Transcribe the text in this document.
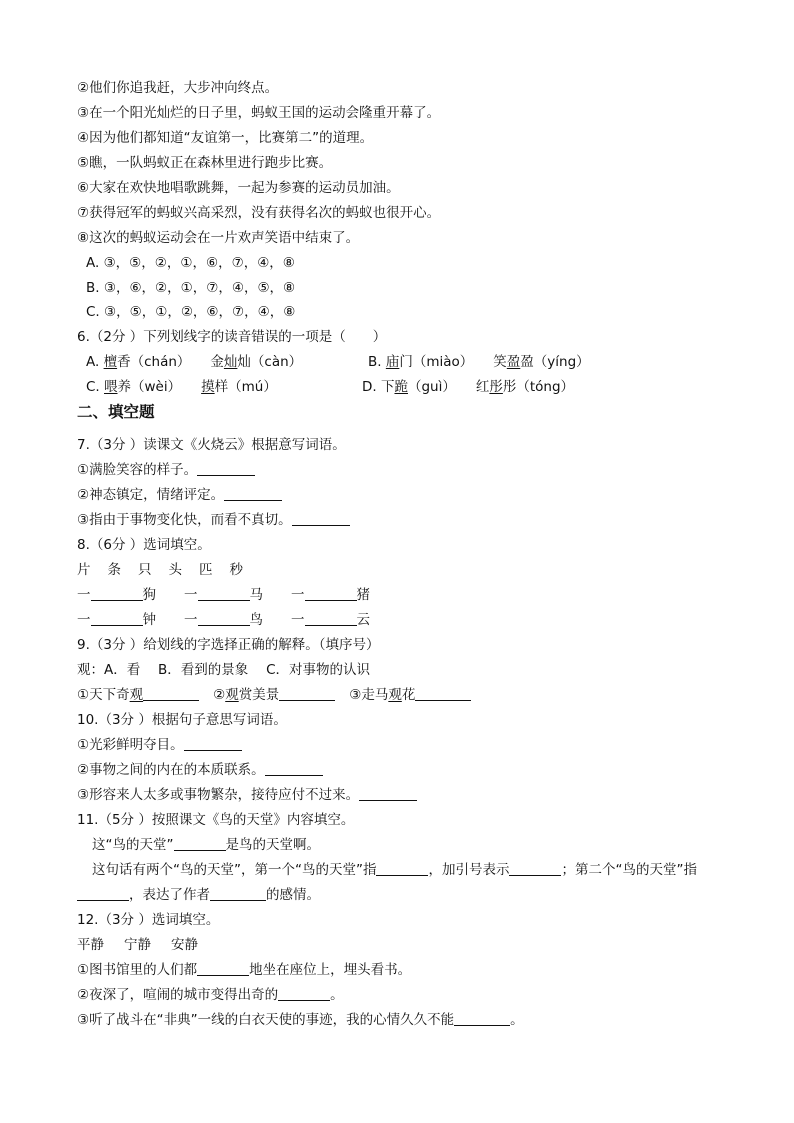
②他们你追我赶，大步冲向终点。
③在一个阳光灿烂的日子里，蚂蚁王国的运动会隆重开幕了。
④因为他们都知道“友谊第一，比赛第二”的道理。
⑤瞧，一队蚂蚁正在森林里进行跑步比赛。
⑥大家在欢快地唱歌跳舞，一起为参赛的运动员加油。
⑦获得冠军的蚂蚁兴高采烈，没有获得名次的蚂蚁也很开心。
⑧这次的蚂蚁运动会在一片欢声笑语中结束了。
A. ③，⑤，②，①，⑥，⑦，④，⑧
B. ③，⑥，②，①，⑦，④，⑤，⑧
C. ③，⑤，①，②，⑥，⑦，④，⑧
6.（2分 ）下列划线字的读音错误的一项是（　　）
A. 檀香（chán） 金灿灿（càn）	B. 庙门（miào） 笑盈盈（yíng）
C. 喂养（wèi） 摸样（mú）	D. 下跪（guì） 红彤彤（tóng）
二、填空题
7.（3分 ）读课文《火烧云》根据意写词语。
①满脸笑容的样子。
②神态镇定，情绪评定。
③指由于事物变化快，而看不真切。
8.（6分 ）选词填空。
片 条 只 头 匹 秒
一	狗 一	马 一	猪
一	钟 一	鸟 一	云
9.（3分 ）给划线的字选择正确的解释。（填序号）
观：A．看　 B．看到的景象　 C．对事物的认识
①天下奇观	②观赏美景	③走马观花
10.（3分 ）根据句子意思写词语。
①光彩鲜明夺目。
②事物之间的内在的本质联系。
③形容来人太多或事物繁杂，接待应付不过来。
11.（5分 ）按照课文《鸟的天堂》内容填空。
这“鸟的天堂”	是鸟的天堂啊。
这句话有两个“鸟的天堂”，第一个“鸟的天堂”指	，加引号表示	；第二个“鸟的天堂”指
，表达了作者	的感情。
12.（3分 ）选词填空。
平静 宁静 安静
①图书馆里的人们都	地坐在座位上，埋头看书。
②夜深了，喧闹的城市变得出奇的	。
③听了战斗在“非典”一线的白衣天使的事迹，我的心情久久不能	。
